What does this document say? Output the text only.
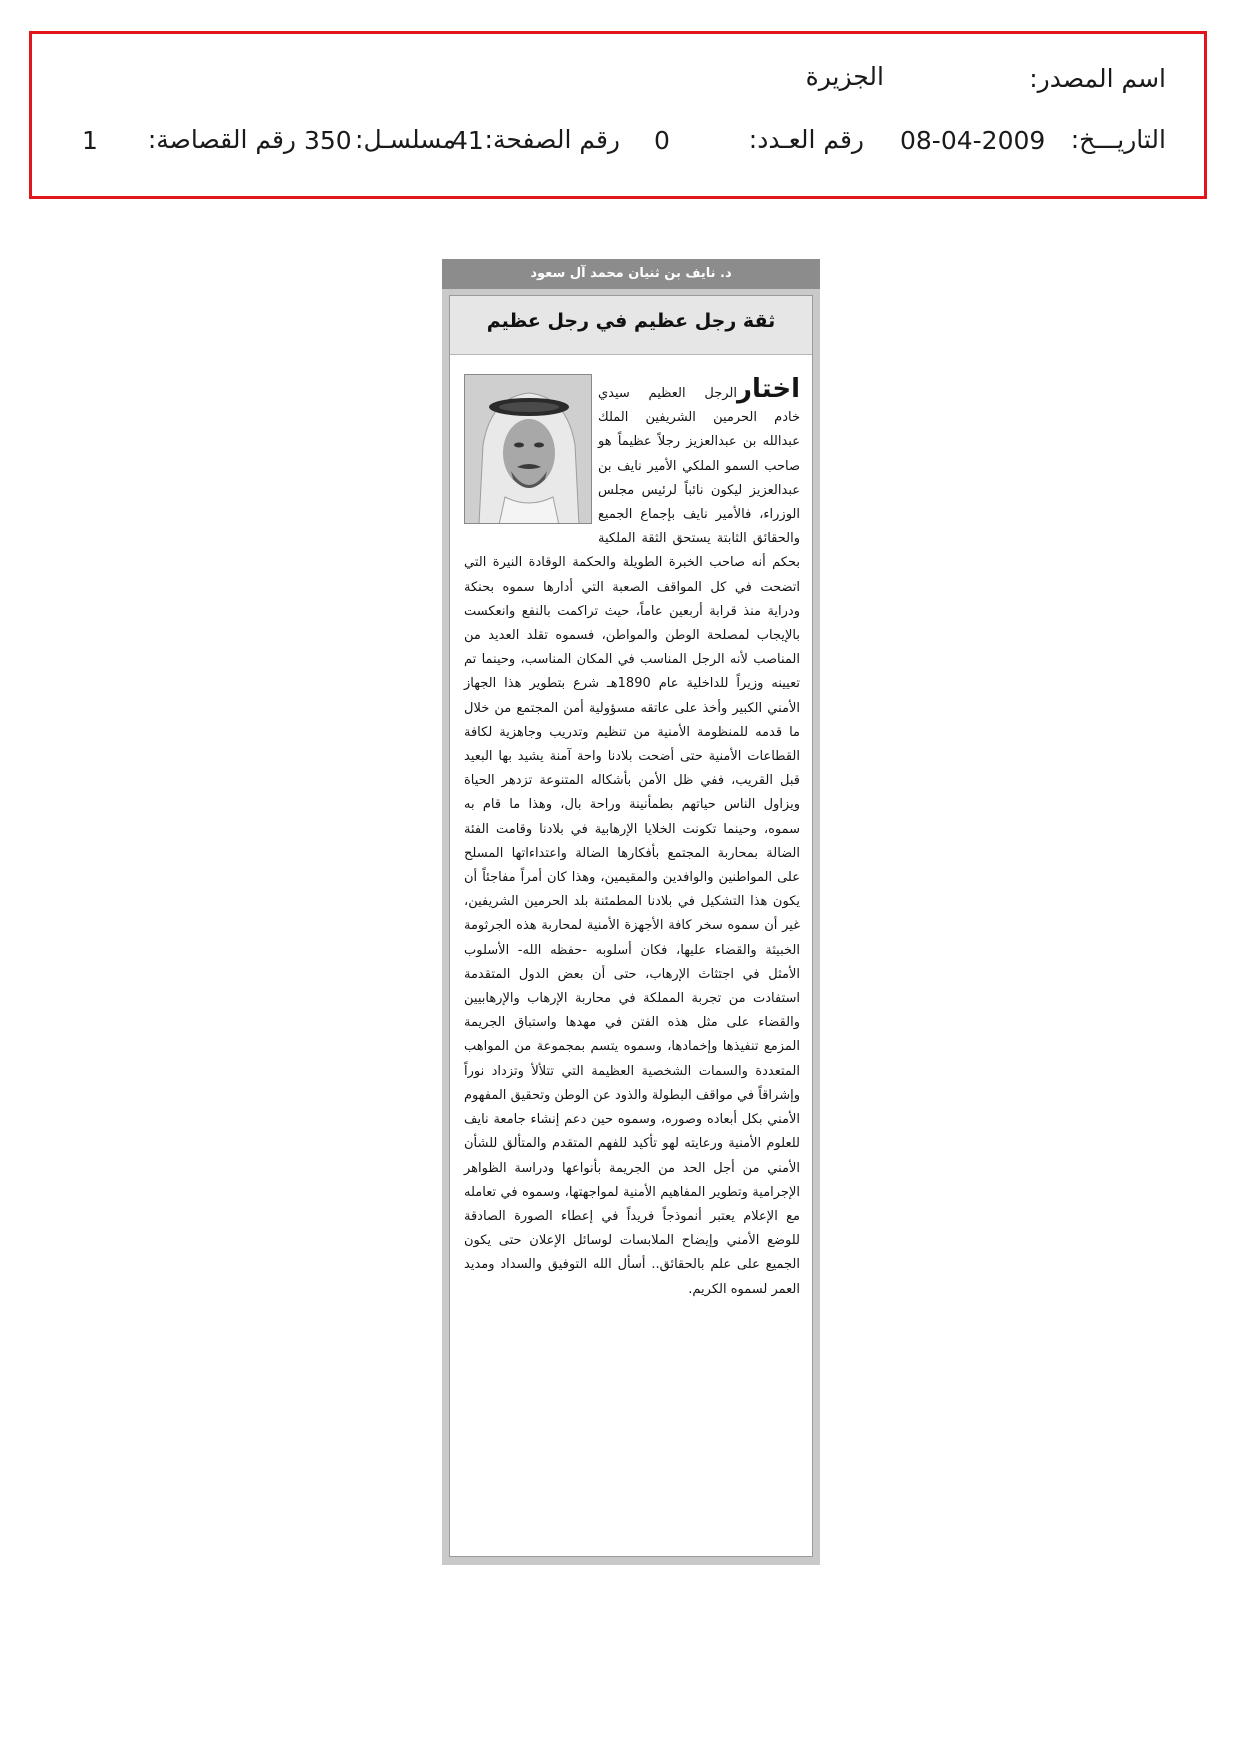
اسم المصدر:
الجزيرة
التاريـــخ:
08-04-2009
رقم العـدد:
0
رقم الصفحة:
41
مسلسـل:
350
رقم القصاصة:
1
د. نايف بن ثنيان محمد آل سعود
ثقة رجل عظيم في رجل عظيم
اختارالرجل العظيم سيدي خادم الحرمين الشريفين الملك عبدالله بن عبدالعزيز رجلاً عظيماً هو صاحب السمو الملكي الأمير نايف بن عبدالعزيز ليكون نائباً لرئيس مجلس الوزراء، فالأمير نايف بإجماع الجميع والحقائق الثابتة يستحق الثقة الملكية بحكم أنه صاحب الخبرة الطويلة والحكمة الوقادة النيرة التي اتضحت في كل المواقف الصعبة التي أدارها سموه بحنكة ودراية منذ قرابة أربعين عاماً، حيث تراكمت بالنفع وانعكست بالإيجاب لمصلحة الوطن والمواطن، فسموه تقلد العديد من المناصب لأنه الرجل المناسب في المكان المناسب، وحينما تم تعيينه وزيراً للداخلية عام 1890هـ شرع بتطوير هذا الجهاز الأمني الكبير وأخذ على عاتقه مسؤولية أمن المجتمع من خلال ما قدمه للمنظومة الأمنية من تنظيم وتدريب وجاهزية لكافة القطاعات الأمنية حتى أضحت بلادنا واحة آمنة يشيد بها البعيد قبل القريب، ففي ظل الأمن بأشكاله المتنوعة تزدهر الحياة ويزاول الناس حياتهم بطمأنينة وراحة بال، وهذا ما قام به سموه، وحينما تكونت الخلايا الإرهابية في بلادنا وقامت الفئة الضالة بمحاربة المجتمع بأفكارها الضالة واعتداءاتها المسلح على المواطنين والوافدين والمقيمين، وهذا كان أمراً مفاجئاً أن يكون هذا التشكيل في بلادنا المطمئنة بلد الحرمين الشريفين، غير أن سموه سخر كافة الأجهزة الأمنية لمحاربة هذه الجرثومة الخبيثة والقضاء عليها، فكان أسلوبه -حفظه الله- الأسلوب الأمثل في اجتثاث الإرهاب، حتى أن بعض الدول المتقدمة استفادت من تجربة المملكة في محاربة الإرهاب والإرهابيين والقضاء على مثل هذه الفتن في مهدها واستباق الجريمة المزمع تنفيذها وإخمادها، وسموه يتسم بمجموعة من المواهب المتعددة والسمات الشخصية العظيمة التي تتلألأ وتزداد نوراً وإشراقاً في مواقف البطولة والذود عن الوطن وتحقيق المفهوم الأمني بكل أبعاده وصوره، وسموه حين دعم إنشاء جامعة نايف للعلوم الأمنية ورعايته لهو تأكيد للفهم المتقدم والمتألق للشأن الأمني من أجل الحد من الجريمة بأنواعها ودراسة الظواهر الإجرامية وتطوير المفاهيم الأمنية لمواجهتها، وسموه في تعامله مع الإعلام يعتبر أنموذجاً فريداً في إعطاء الصورة الصادقة للوضع الأمني وإيضاح الملابسات لوسائل الإعلان حتى يكون الجميع على علم بالحقائق.. أسأل الله التوفيق والسداد ومديد العمر لسموه الكريم.
